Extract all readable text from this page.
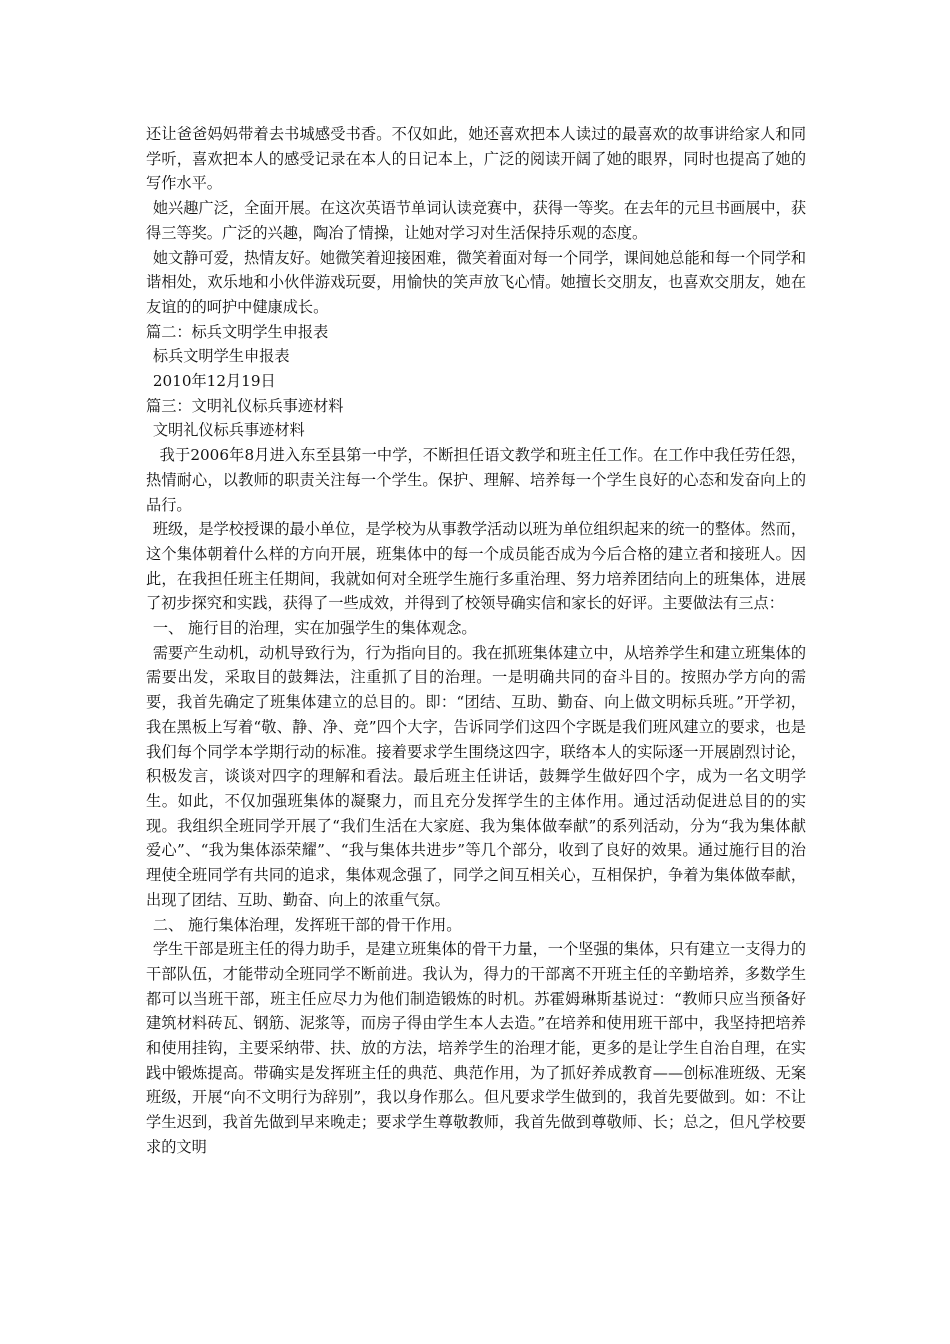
还让爸爸妈妈带着去书城感受书香。不仅如此，她还喜欢把本人读过的最喜欢的故事讲给家人和同学听，喜欢把本人的感受记录在本人的日记本上，广泛的阅读开阔了她的眼界，同时也提高了她的写作水平。

她兴趣广泛，全面开展。在这次英语节单词认读竞赛中，获得一等奖。在去年的元旦书画展中，获得三等奖。广泛的兴趣，陶冶了情操，让她对学习对生活保持乐观的态度。

她文静可爱，热情友好。她微笑着迎接困难，微笑着面对每一个同学，课间她总能和每一个同学和谐相处，欢乐地和小伙伴游戏玩耍，用愉快的笑声放飞心情。她擅长交朋友，也喜欢交朋友，她在友谊的的呵护中健康成长。

篇二：标兵文明学生申报表

标兵文明学生申报表

2010年12月19日

篇三：文明礼仪标兵事迹材料

文明礼仪标兵事迹材料

我于2006年8月进入东至县第一中学，不断担任语文教学和班主任工作。在工作中我任劳任怨，热情耐心，以教师的职责关注每一个学生。保护、理解、培养每一个学生良好的心态和发奋向上的品行。

班级，是学校授课的最小单位，是学校为从事教学活动以班为单位组织起来的统一的整体。然而，这个集体朝着什么样的方向开展，班集体中的每一个成员能否成为今后合格的建立者和接班人。因此，在我担任班主任期间，我就如何对全班学生施行多重治理、努力培养团结向上的班集体，进展了初步探究和实践，获得了一些成效，并得到了校领导确实信和家长的好评。主要做法有三点：

一、 施行目的治理，实在加强学生的集体观念。

需要产生动机，动机导致行为，行为指向目的。我在抓班集体建立中，从培养学生和建立班集体的需要出发，采取目的鼓舞法，注重抓了目的治理。一是明确共同的奋斗目的。按照办学方向的需要，我首先确定了班集体建立的总目的。即：“团结、互助、勤奋、向上做文明标兵班。”开学初，我在黑板上写着“敬、静、净、竞”四个大字，告诉同学们这四个字既是我们班风建立的要求，也是我们每个同学本学期行动的标准。接着要求学生围绕这四字，联络本人的实际逐一开展剧烈讨论，积极发言，谈谈对四字的理解和看法。最后班主任讲话，鼓舞学生做好四个字，成为一名文明学生。如此，不仅加强班集体的凝聚力，而且充分发挥学生的主体作用。通过活动促进总目的的实现。我组织全班同学开展了“我们生活在大家庭、我为集体做奉献”的系列活动，分为“我为集体献爱心”、“我为集体添荣耀”、“我与集体共进步”等几个部分，收到了良好的效果。通过施行目的治理使全班同学有共同的追求，集体观念强了，同学之间互相关心，互相保护，争着为集体做奉献，出现了团结、互助、勤奋、向上的浓重气氛。

二、 施行集体治理，发挥班干部的骨干作用。

学生干部是班主任的得力助手，是建立班集体的骨干力量，一个坚强的集体，只有建立一支得力的干部队伍，才能带动全班同学不断前进。我认为，得力的干部离不开班主任的辛勤培养，多数学生都可以当班干部，班主任应尽力为他们制造锻炼的时机。苏霍姆琳斯基说过：“教师只应当预备好建筑材料砖瓦、钢筋、泥浆等，而房子得由学生本人去造。”在培养和使用班干部中，我坚持把培养和使用挂钩，主要采纳带、扶、放的方法，培养学生的治理才能，更多的是让学生自治自理，在实践中锻炼提高。带确实是发挥班主任的典范、典范作用，为了抓好养成教育——创标准班级、无案班级，开展“向不文明行为辞别”，我以身作那么。但凡要求学生做到的，我首先要做到。如：不让学生迟到，我首先做到早来晚走；要求学生尊敬教师，我首先做到尊敬师、长；总之，但凡学校要求的文明
